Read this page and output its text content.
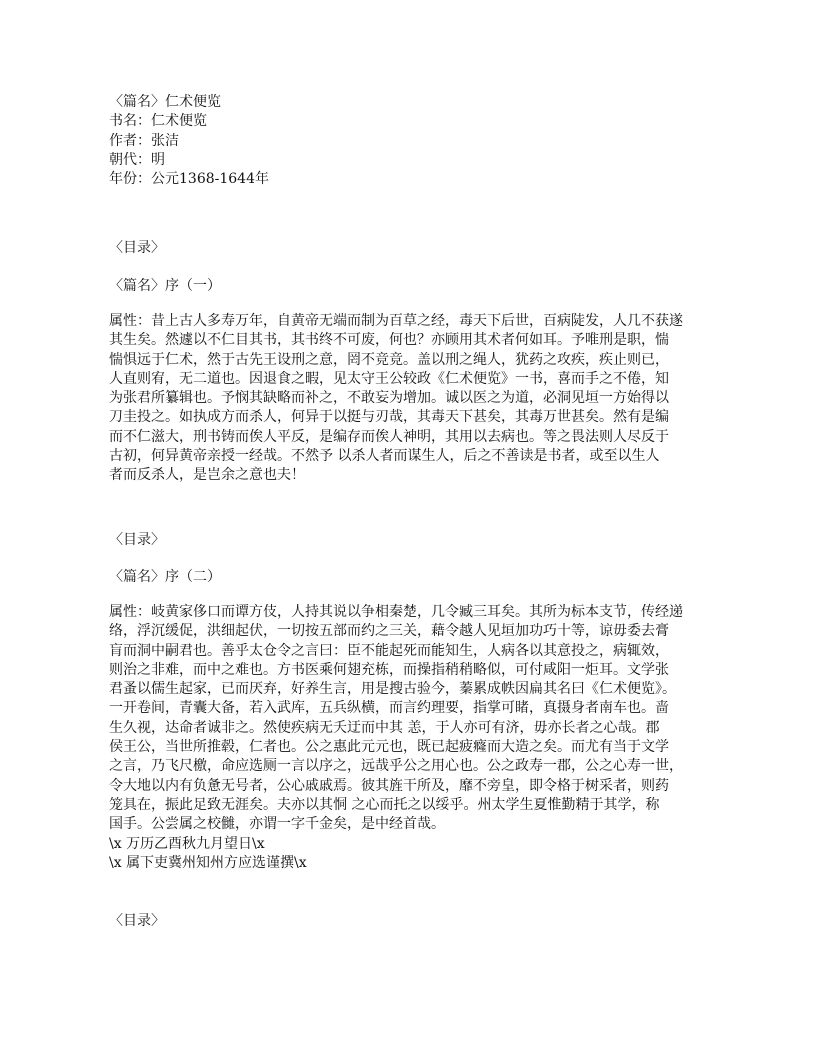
〈篇名〉仁术便览
书名：仁术便览
作者：张洁
朝代：明
年份：公元1368-1644年
〈目录〉
〈篇名〉序（一）
属性：昔上古人多寿万年，自黄帝无端而制为百草之经，毒天下后世，百病陡发，人几不获遂
其生矣。然遽以不仁目其书，其书终不可废，何也？亦顾用其术者何如耳。予唯刑是职，惴
惴惧远于仁术，然于古先王设刑之意，罔不竞竞。盖以刑之绳人，犹药之攻疾，疾止则已，
人直则宥，无二道也。因退食之暇，见太守王公较政《仁术便览》一书，喜而手之不倦，知
为张君所纂辑也。予悯其缺略而补之，不敢妄为增加。诚以医之为道，必洞见垣一方始得以
刀圭投之。如执成方而杀人，何异于以挺与刃哉，其毒天下甚矣，其毒万世甚矣。然有是编
而不仁滋大，刑书铸而俟人平反，是编存而俟人神明，其用以去病也。等之畏法则人尽反于
古初，何异黄帝亲授一经哉。不然予 以杀人者而谋生人，后之不善读是书者，或至以生人
者而反杀人，是岂余之意也夫！
〈目录〉
〈篇名〉序（二）
属性：岐黄家侈口而谭方伎，人持其说以争相秦楚，几令臧三耳矣。其所为标本支节，传经递
络，浮沉缓促，洪细起伏，一切按五部而约之三关，藉令越人见垣加功巧十等，谅毋委去膏
肓而洞中嗣君也。善乎太仓令之言曰：臣不能起死而能知生，人病各以其意投之，病辄效，
则治之非难，而中之难也。方书医乘何翅充栋，而操指稍稍略似，可付咸阳一炬耳。文学张
君蚤以儒生起家，已而厌弃，好养生言，用是搜古验今，蓁累成帙因扁其名曰《仁术便览》。
一开卷间，青囊大备，若入武库，五兵纵横，而言约理要，指掌可睹，真摄身者南车也。啬
生久视，达命者诚非之。然使疾病无夭迂而中其 恙，于人亦可有济，毋亦长者之心哉。郡
侯王公，当世所推毂，仁者也。公之惠此元元也，既已起疲癃而大造之矣。而尤有当于文学
之言，乃飞尺檄，命应选厕一言以序之，远哉乎公之用心也。公之政寿一郡，公之心寿一世，
令大地以内有负惫无号者，公心戚戚焉。彼其旌干所及，靡不旁皇，即令格于树采者，则药
笼具在，振此足致无涯矣。夫亦以其恫 之心而托之以绥乎。州太学生夏惟勤精于其学，称
国手。公尝属之校雠，亦谓一字千金矣，是中经首哉。
\x 万历乙酉秋九月望日\x
\x 属下吏冀州知州方应选谨撰\x
〈目录〉
